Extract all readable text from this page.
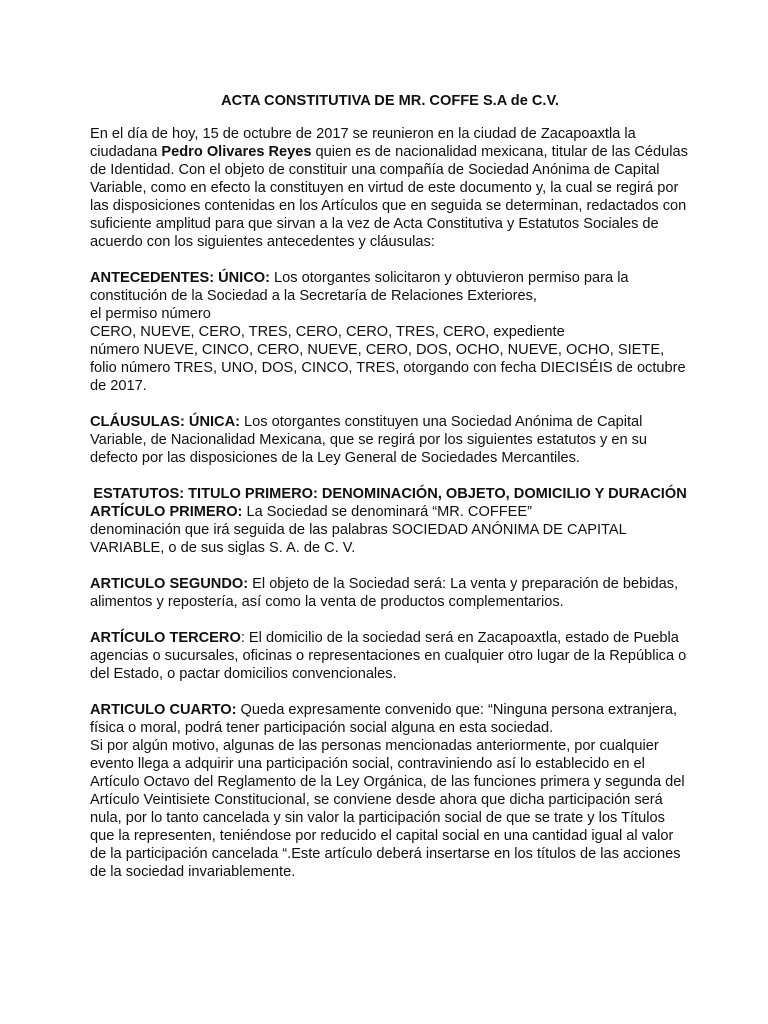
ACTA CONSTITUTIVA DE MR. COFFE S.A de C.V.

En el día de hoy, 15 de octubre de 2017 se reunieron en la ciudad de Zacapoaxtla la ciudadana Pedro Olivares Reyes quien es de nacionalidad mexicana, titular de las Cédulas de Identidad. Con el objeto de constituir una compañía de Sociedad Anónima de Capital Variable, como en efecto la constituyen en virtud de este documento y, la cual se regirá por las disposiciones contenidas en los Artículos que en seguida se determinan, redactados con suficiente amplitud para que sirvan a la vez de Acta Constitutiva y Estatutos Sociales de acuerdo con los siguientes antecedentes y cláusulas:

ANTECEDENTES: ÚNICO: Los otorgantes solicitaron y obtuvieron permiso para la constitución de la Sociedad a la Secretaría de Relaciones Exteriores,
el permiso número
CERO, NUEVE, CERO, TRES, CERO, CERO, TRES, CERO, expediente
número NUEVE, CINCO, CERO, NUEVE, CERO, DOS, OCHO, NUEVE, OCHO, SIETE, folio número TRES, UNO, DOS, CINCO, TRES, otorgando con fecha DIECISÉIS de octubre de 2017.

CLÁUSULAS: ÚNICA: Los otorgantes constituyen una Sociedad Anónima de Capital Variable, de Nacionalidad Mexicana, que se regirá por los siguientes estatutos y en su defecto por las disposiciones de la Ley General de Sociedades Mercantiles.

ESTATUTOS: TITULO PRIMERO: DENOMINACIÓN, OBJETO, DOMICILIO Y DURACIÓN

ARTÍCULO PRIMERO: La Sociedad se denominará “MR. COFFEE”
denominación que irá seguida de las palabras SOCIEDAD ANÓNIMA DE CAPITAL VARIABLE, o de sus siglas S. A. de C. V.

ARTICULO SEGUNDO: El objeto de la Sociedad será: La venta y preparación de bebidas, alimentos y repostería, así como la venta de productos complementarios.

ARTÍCULO TERCERO: El domicilio de la sociedad será en Zacapoaxtla, estado de Puebla agencias o sucursales, oficinas o representaciones en cualquier otro lugar de la República o del Estado, o pactar domicilios convencionales.

ARTICULO CUARTO: Queda expresamente convenido que: “Ninguna persona extranjera, física o moral, podrá tener participación social alguna en esta sociedad.
Si por algún motivo, algunas de las personas mencionadas anteriormente, por cualquier evento llega a adquirir una participación social, contraviniendo así lo establecido en el Artículo Octavo del Reglamento de la Ley Orgánica, de las funciones primera y segunda del Artículo Veintisiete Constitucional, se conviene desde ahora que dicha participación será nula, por lo tanto cancelada y sin valor la participación social de que se trate y los Títulos que la representen, teniéndose por reducido el capital social en una cantidad igual al valor de la participación cancelada “.Este artículo deberá insertarse en los títulos de las acciones de la sociedad invariablemente.
